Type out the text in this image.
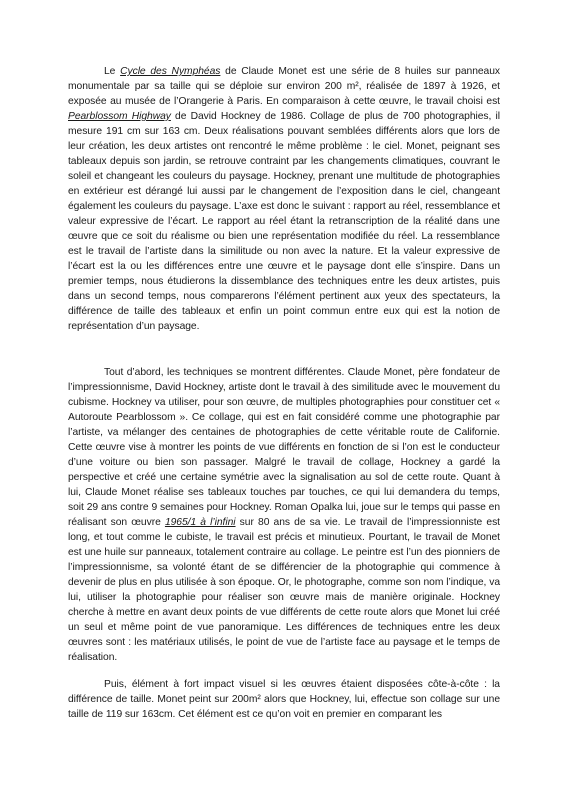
Le Cycle des Nymphéas de Claude Monet est une série de 8 huiles sur panneaux monumentale par sa taille qui se déploie sur environ 200 m², réalisée de 1897 à 1926, et exposée au musée de l’Orangerie à Paris. En comparaison à cette œuvre, le travail choisi est Pearblossom Highway de David Hockney de 1986. Collage de plus de 700 photographies, il mesure 191 cm sur 163 cm. Deux réalisations pouvant semblées différents alors que lors de leur création, les deux artistes ont rencontré le même problème : le ciel. Monet, peignant ses tableaux depuis son jardin, se retrouve contraint par les changements climatiques, couvrant le soleil et changeant les couleurs du paysage. Hockney, prenant une multitude de photographies en extérieur est dérangé lui aussi par le changement de l’exposition dans le ciel, changeant également les couleurs du paysage. L’axe est donc le suivant : rapport au réel, ressemblance et valeur expressive de l’écart. Le rapport au réel étant la retranscription de la réalité dans une œuvre que ce soit du réalisme ou bien une représentation modifiée du réel. La ressemblance est le travail de l’artiste dans la similitude ou non avec la nature. Et la valeur expressive de l’écart est la ou les différences entre une œuvre et le paysage dont elle s’inspire. Dans un premier temps, nous étudierons la dissemblance des techniques entre les deux artistes, puis dans un second temps, nous comparerons l’élément pertinent aux yeux des spectateurs, la différence de taille des tableaux et enfin un point commun entre eux qui est la notion de représentation d’un paysage.

Tout d’abord, les techniques se montrent différentes. Claude Monet, père fondateur de l’impressionnisme, David Hockney, artiste dont le travail à des similitude avec le mouvement du cubisme. Hockney va utiliser, pour son œuvre, de multiples photographies pour constituer cet « Autoroute Pearblossom ». Ce collage, qui est en fait considéré comme une photographie par l’artiste, va mélanger des centaines de photographies de cette véritable route de Californie. Cette œuvre vise à montrer les points de vue différents en fonction de si l’on est le conducteur d’une voiture ou bien son passager. Malgré le travail de collage, Hockney a gardé la perspective et créé une certaine symétrie avec la signalisation au sol de cette route. Quant à lui, Claude Monet réalise ses tableaux touches par touches, ce qui lui demandera du temps, soit 29 ans contre 9 semaines pour Hockney. Roman Opalka lui, joue sur le temps qui passe en réalisant son œuvre 1965/1 à l’infini sur 80 ans de sa vie. Le travail de l’impressionniste est long, et tout comme le cubiste, le travail est précis et minutieux. Pourtant, le travail de Monet est une huile sur panneaux, totalement contraire au collage. Le peintre est l’un des pionniers de l’impressionnisme, sa volonté étant de se différencier de la photographie qui commence à devenir de plus en plus utilisée à son époque. Or, le photographe, comme son nom l’indique, va lui, utiliser la photographie pour réaliser son œuvre mais de manière originale. Hockney cherche à mettre en avant deux points de vue différents de cette route alors que Monet lui créé un seul et même point de vue panoramique. Les différences de techniques entre les deux œuvres sont : les matériaux utilisés, le point de vue de l’artiste face au paysage et le temps de réalisation.

Puis, élément à fort impact visuel si les œuvres étaient disposées côte-à-côte : la différence de taille. Monet peint sur 200m² alors que Hockney, lui, effectue son collage sur une taille de 119 sur 163cm. Cet élément est ce qu’on voit en premier en comparant les
